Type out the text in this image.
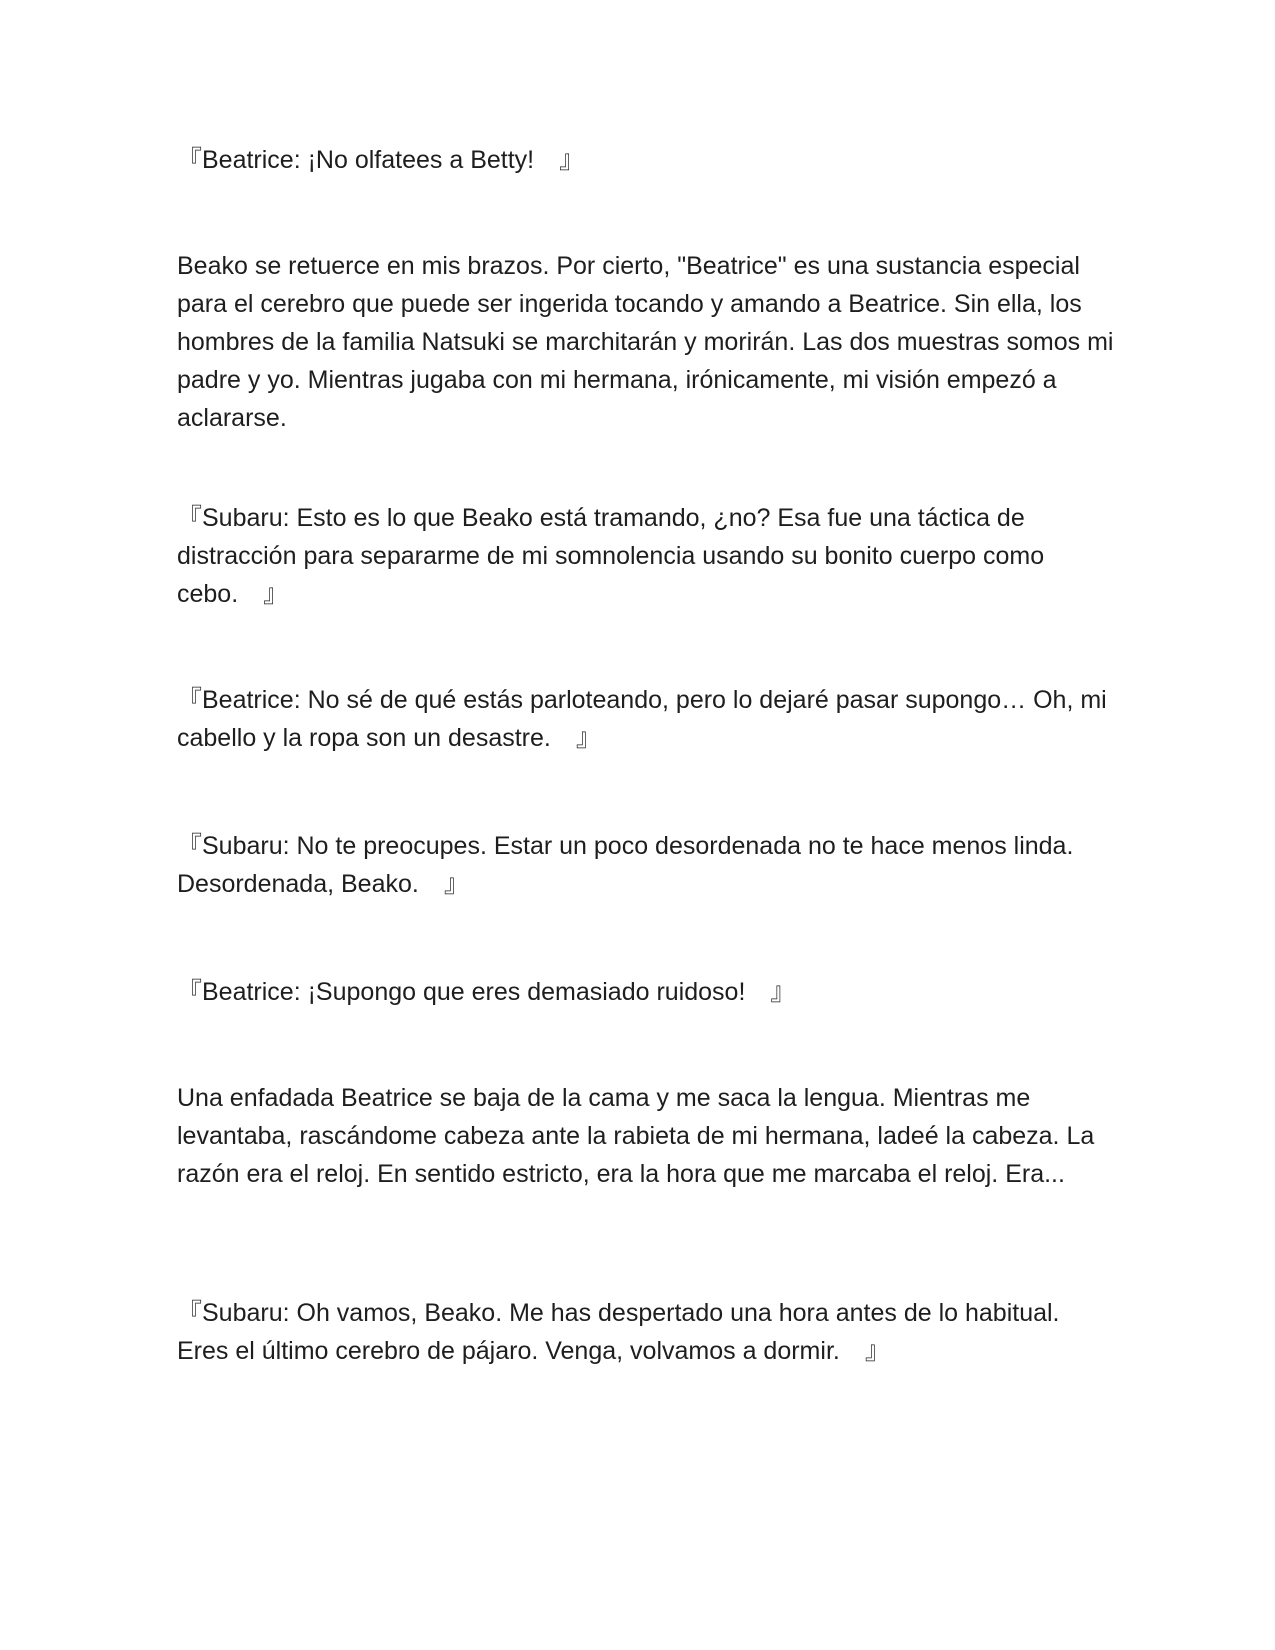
『Beatrice: ¡No olfatees a Betty!　』

Beako se retuerce en mis brazos. Por cierto, "Beatrice" es una sustancia especial para el cerebro que puede ser ingerida tocando y amando a Beatrice. Sin ella, los hombres de la familia Natsuki se marchitarán y morirán. Las dos muestras somos mi padre y yo. Mientras jugaba con mi hermana, irónicamente, mi visión empezó a aclararse.

『Subaru: Esto es lo que Beako está tramando, ¿no? Esa fue una táctica de distracción para separarme de mi somnolencia usando su bonito cuerpo como cebo.　』

『Beatrice: No sé de qué estás parloteando, pero lo dejaré pasar supongo… Oh, mi cabello y la ropa son un desastre.　』

『Subaru: No te preocupes. Estar un poco desordenada no te hace menos linda. Desordenada, Beako.　』

『Beatrice: ¡Supongo que eres demasiado ruidoso!　』

Una enfadada Beatrice se baja de la cama y me saca la lengua. Mientras me levantaba, rascándome cabeza ante la rabieta de mi hermana, ladeé la cabeza. La razón era el reloj. En sentido estricto, era la hora que me marcaba el reloj. Era...

『Subaru: Oh vamos, Beako. Me has despertado una hora antes de lo habitual. Eres el último cerebro de pájaro. Venga, volvamos a dormir.　』
